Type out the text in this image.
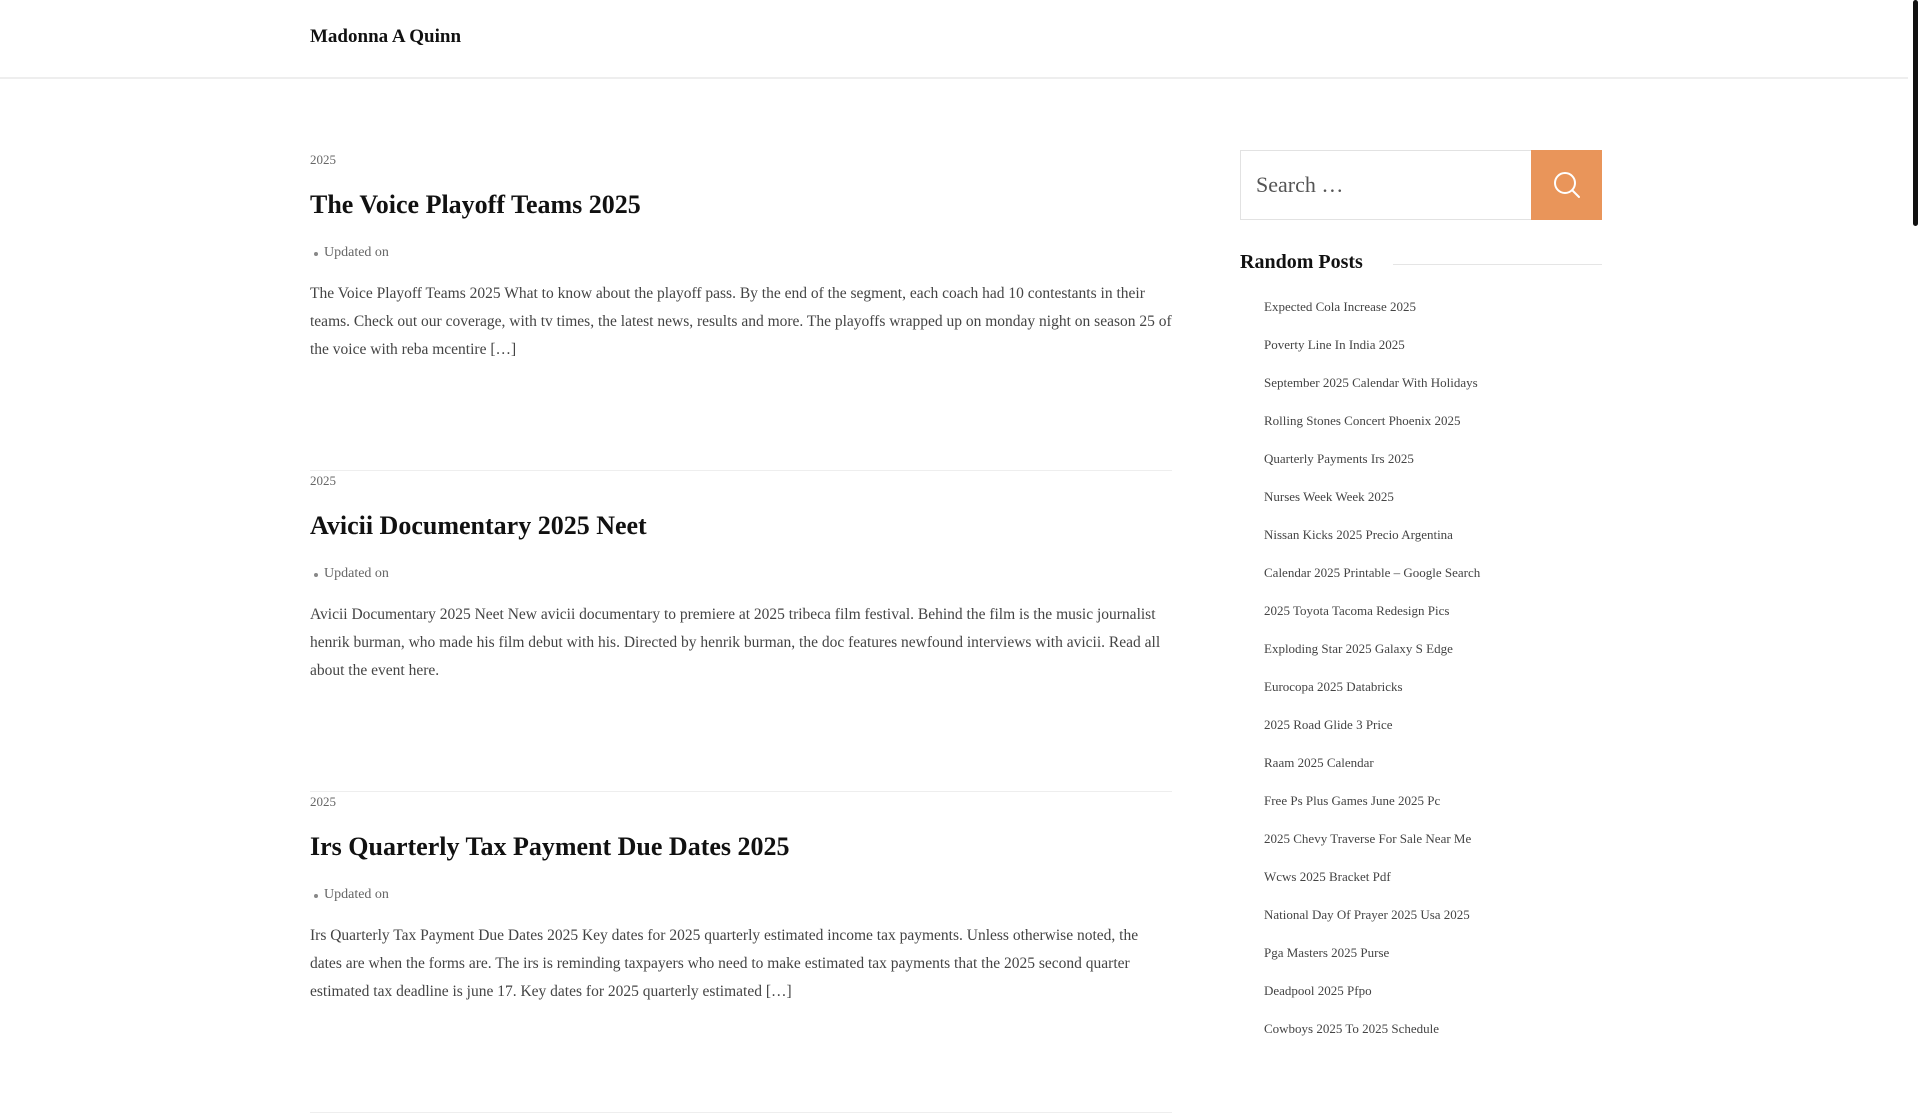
Madonna A Quinn
2025
The Voice Playoff Teams 2025
Updated on

The Voice Playoff Teams 2025 What to know about the playoff pass. By the end of the segment, each coach had 10 contestants in their teams. Check out our coverage, with tv times, the latest news, results and more. The playoffs wrapped up on monday night on season 25 of the voice with reba mcentire […]

2025
Avicii Documentary 2025 Neet
Updated on

Avicii Documentary 2025 Neet New avicii documentary to premiere at 2025 tribeca film festival. Behind the film is the music journalist henrik burman, who made his film debut with his. Directed by henrik burman, the doc features newfound interviews with avicii. Read all about the event here.

2025
Irs Quarterly Tax Payment Due Dates 2025
Updated on

Irs Quarterly Tax Payment Due Dates 2025 Key dates for 2025 quarterly estimated income tax payments. Unless otherwise noted, the dates are when the forms are. The irs is reminding taxpayers who need to make estimated tax payments that the 2025 second quarter estimated tax deadline is june 17. Key dates for 2025 quarterly estimated […]

Search …
Random Posts
Expected Cola Increase 2025
Poverty Line In India 2025
September 2025 Calendar With Holidays
Rolling Stones Concert Phoenix 2025
Quarterly Payments Irs 2025
Nurses Week Week 2025
Nissan Kicks 2025 Precio Argentina
Calendar 2025 Printable – Google Search
2025 Toyota Tacoma Redesign Pics
Exploding Star 2025 Galaxy S Edge
Eurocopa 2025 Databricks
2025 Road Glide 3 Price
Raam 2025 Calendar
Free Ps Plus Games June 2025 Pc
2025 Chevy Traverse For Sale Near Me
Wcws 2025 Bracket Pdf
National Day Of Prayer 2025 Usa 2025
Pga Masters 2025 Purse
Deadpool 2025 Pfpo
Cowboys 2025 To 2025 Schedule
